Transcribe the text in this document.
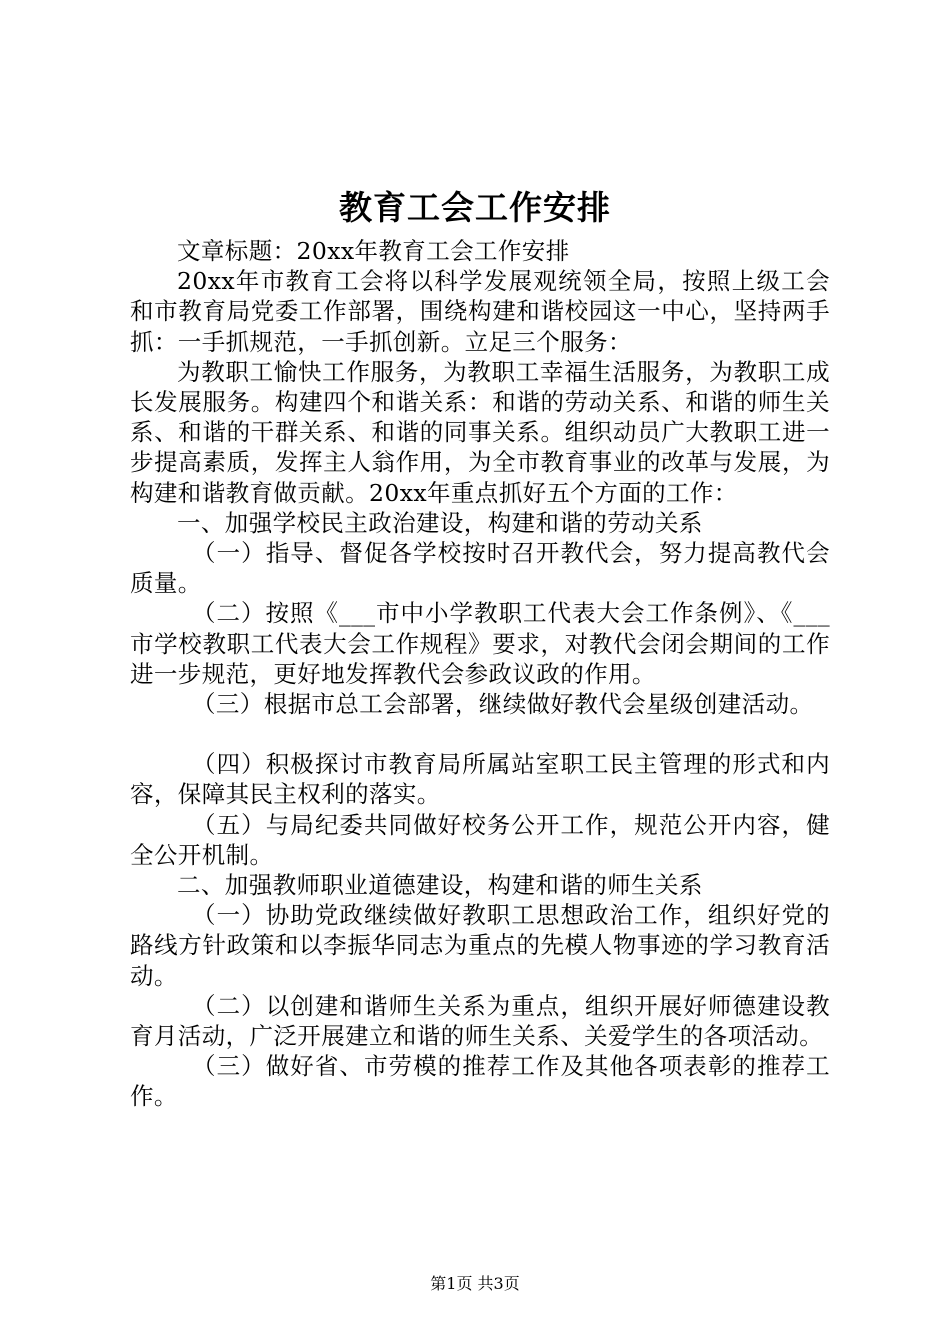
教育工会工作安排

文章标题：20xx年教育工会工作安排

20xx年市教育工会将以科学发展观统领全局，按照上级工会和市教育局党委工作部署，围绕构建和谐校园这一中心，坚持两手抓：一手抓规范，一手抓创新。立足三个服务：

为教职工愉快工作服务，为教职工幸福生活服务，为教职工成长发展服务。构建四个和谐关系：和谐的劳动关系、和谐的师生关系、和谐的干群关系、和谐的同事关系。组织动员广大教职工进一步提高素质，发挥主人翁作用，为全市教育事业的改革与发展，为构建和谐教育做贡献。20xx年重点抓好五个方面的工作：

一、加强学校民主政治建设，构建和谐的劳动关系

（一）指导、督促各学校按时召开教代会，努力提高教代会质量。

（二）按照《___市中小学教职工代表大会工作条例》、《___市学校教职工代表大会工作规程》要求，对教代会闭会期间的工作进一步规范，更好地发挥教代会参政议政的作用。

（三）根据市总工会部署，继续做好教代会星级创建活动。

（四）积极探讨市教育局所属站室职工民主管理的形式和内容，保障其民主权利的落实。

（五）与局纪委共同做好校务公开工作，规范公开内容，健全公开机制。

二、加强教师职业道德建设，构建和谐的师生关系

（一）协助党政继续做好教职工思想政治工作，组织好党的路线方针政策和以李振华同志为重点的先模人物事迹的学习教育活动。

（二）以创建和谐师生关系为重点，组织开展好师德建设教育月活动，广泛开展建立和谐的师生关系、关爱学生的各项活动。

（三）做好省、市劳模的推荐工作及其他各项表彰的推荐工作。

第1页 共3页
